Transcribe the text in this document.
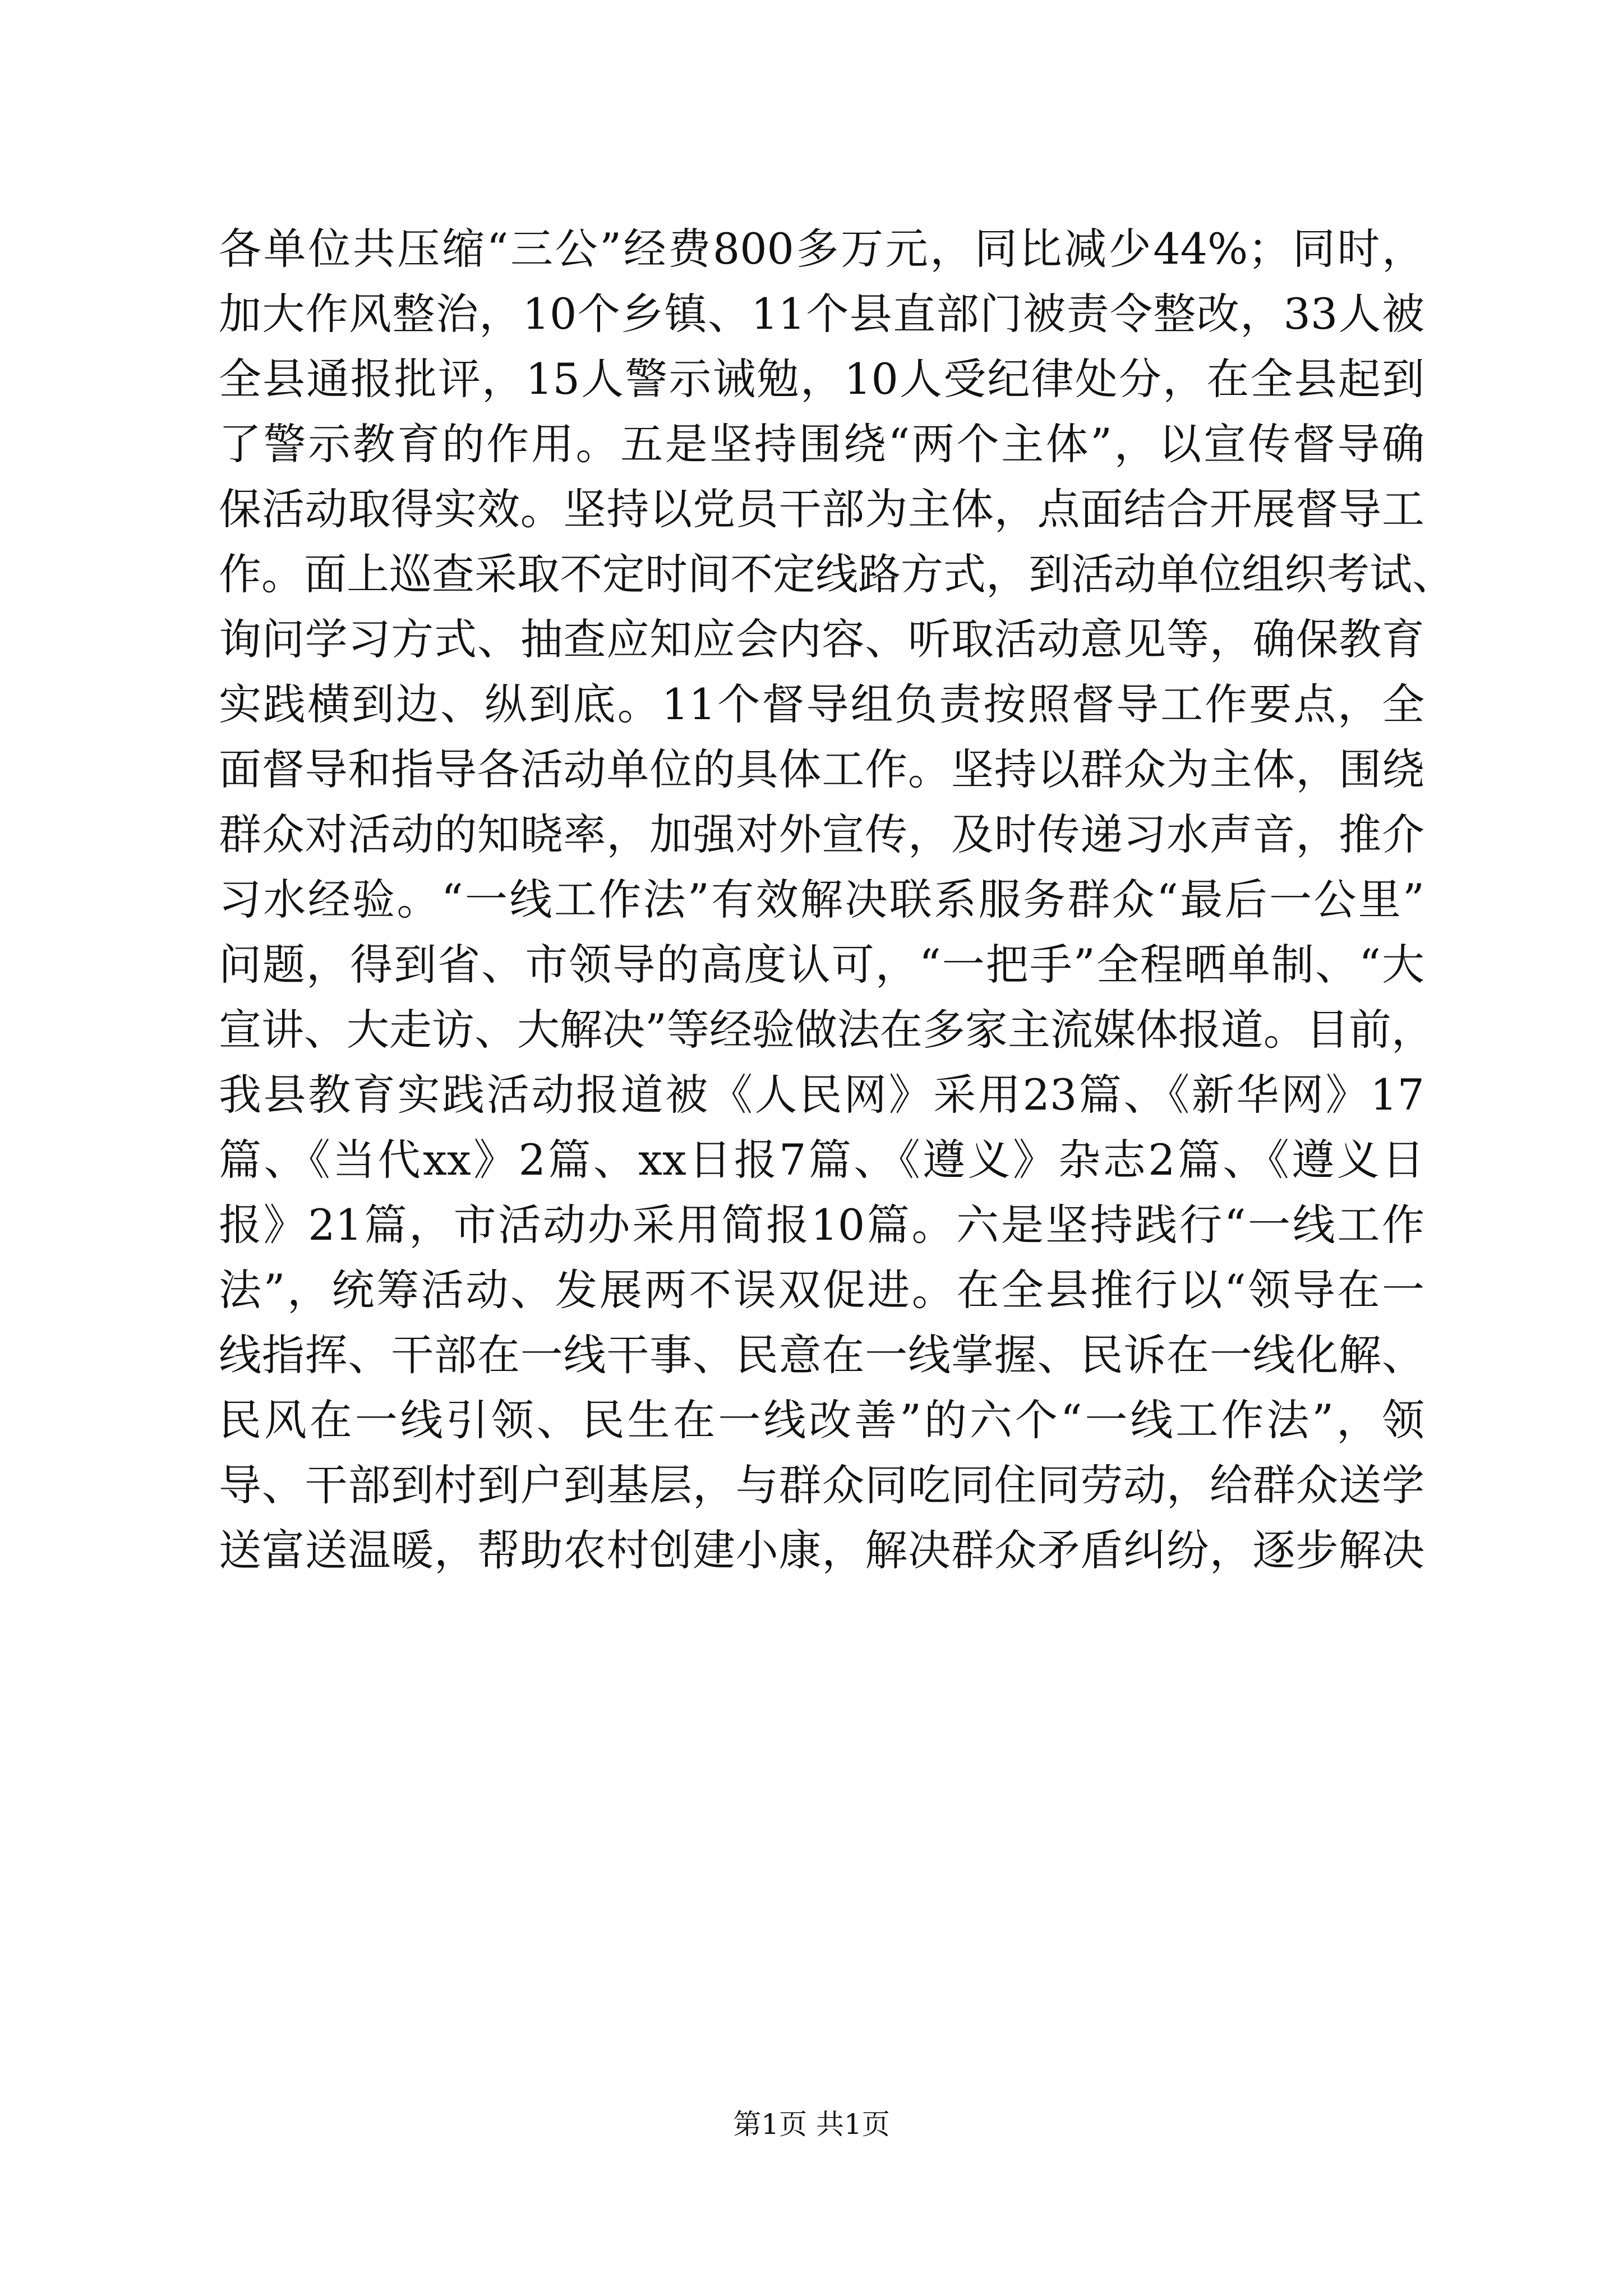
各单位共压缩“三公”经费800多万元，同比减少44%；同时，
加大作风整治，10个乡镇、11个县直部门被责令整改，33人被
全县通报批评，15人警示诫勉，10人受纪律处分，在全县起到
了警示教育的作用。五是坚持围绕“两个主体”，以宣传督导确
保活动取得实效。坚持以党员干部为主体，点面结合开展督导工
作。面上巡查采取不定时间不定线路方式，到活动单位组织考试、
询问学习方式、抽查应知应会内容、听取活动意见等，确保教育
实践横到边、纵到底。11个督导组负责按照督导工作要点，全
面督导和指导各活动单位的具体工作。坚持以群众为主体，围绕
群众对活动的知晓率，加强对外宣传，及时传递习水声音，推介
习水经验。“一线工作法”有效解决联系服务群众“最后一公里”
问题，得到省、市领导的高度认可，“一把手”全程晒单制、“大
宣讲、大走访、大解决”等经验做法在多家主流媒体报道。目前，
我县教育实践活动报道被《人民网》采用23篇、《新华网》17
篇、《当代xx》2篇、xx日报7篇、《遵义》杂志2篇、《遵义日
报》21篇，市活动办采用简报10篇。六是坚持践行“一线工作
法”，统筹活动、发展两不误双促进。在全县推行以“领导在一
线指挥、干部在一线干事、民意在一线掌握、民诉在一线化解、
民风在一线引领、民生在一线改善”的六个“一线工作法”，领
导、干部到村到户到基层，与群众同吃同住同劳动，给群众送学
送富送温暖，帮助农村创建小康，解决群众矛盾纠纷，逐步解决
第1页 共1页
